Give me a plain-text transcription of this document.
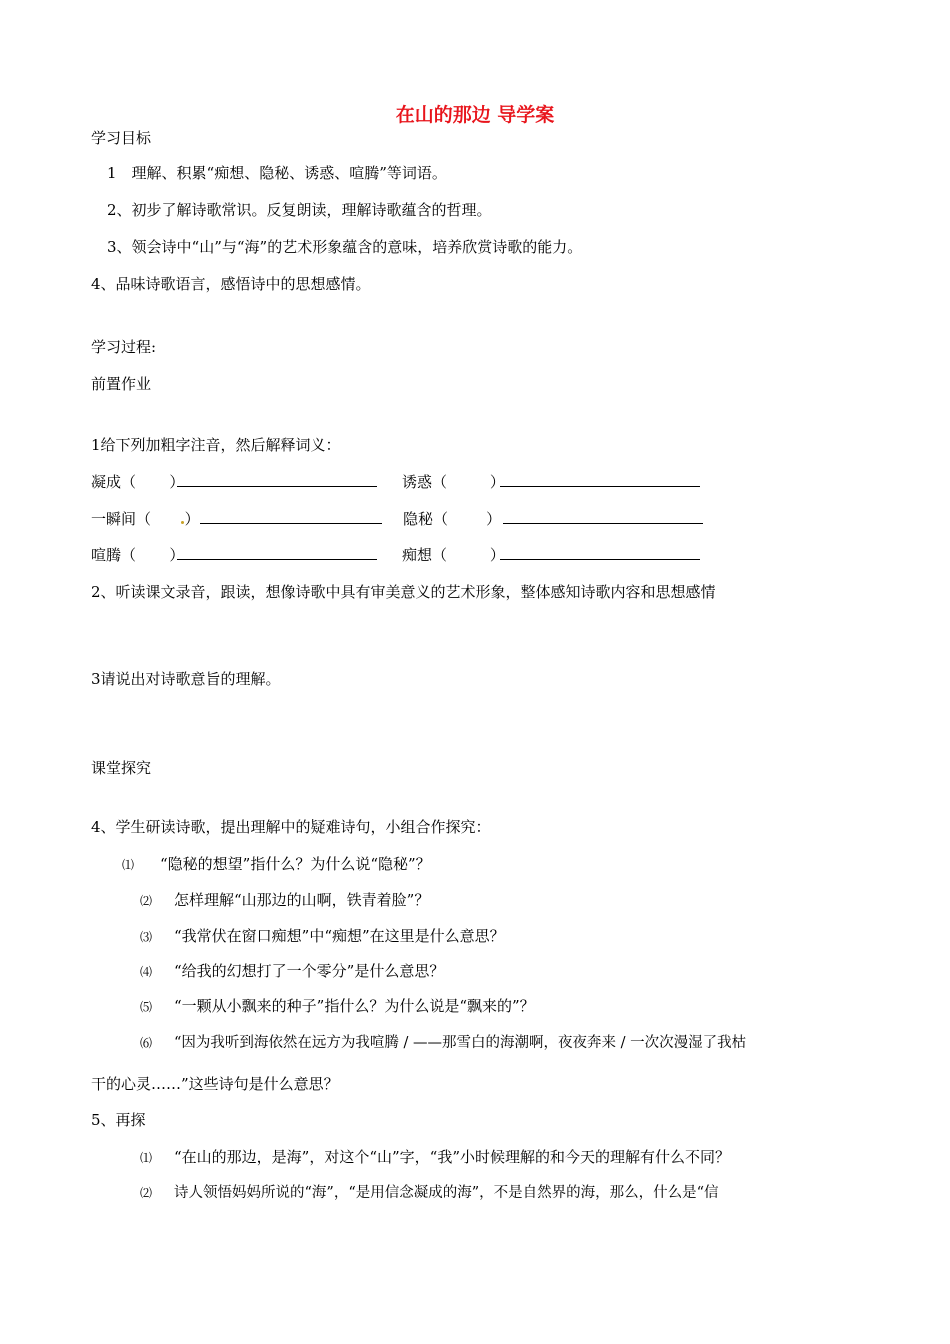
在山的那边 导学案
学习目标
1　理解、积累“痴想、隐秘、诱惑、喧腾”等词语。
2、初步了解诗歌常识。反复朗读，理解诗歌蕴含的哲理。
3、领会诗中“山”与“海”的艺术形象蕴含的意味，培养欣赏诗歌的能力。
4、品味诗歌语言，感悟诗中的思想感情。
学习过程:
前置作业
1给下列加粗字注音，然后解释词义：
凝成（       ）	诱惑（         ）
一瞬间（      ）	隐秘（        ）
喧腾（       ）	痴想（         ）
2、听读课文录音，跟读，想像诗歌中具有审美意义的艺术形象，整体感知诗歌内容和思想感情
3请说出对诗歌意旨的理解。
课堂探究
4、学生研读诗歌，提出理解中的疑难诗句，小组合作探究：
⑴ “隐秘的想望”指什么？为什么说“隐秘”？
⑵ 怎样理解“山那边的山啊，铁青着脸”？
⑶ “我常伏在窗口痴想”中“痴想”在这里是什么意思？
⑷ “给我的幻想打了一个零分”是什么意思？
⑸ “一颗从小飘来的种子”指什么？为什么说是“飘来的”？
⑹ “因为我听到海依然在远方为我喧腾 / ——那雪白的海潮啊，夜夜奔来 / 一次次漫湿了我枯
干的心灵……”这些诗句是什么意思？
5、再探
⑴ “在山的那边，是海”，对这个“山”字，“我”小时候理解的和今天的理解有什么不同？
⑵ 诗人领悟妈妈所说的“海”，“是用信念凝成的海”，不是自然界的海，那么，什么是“信
